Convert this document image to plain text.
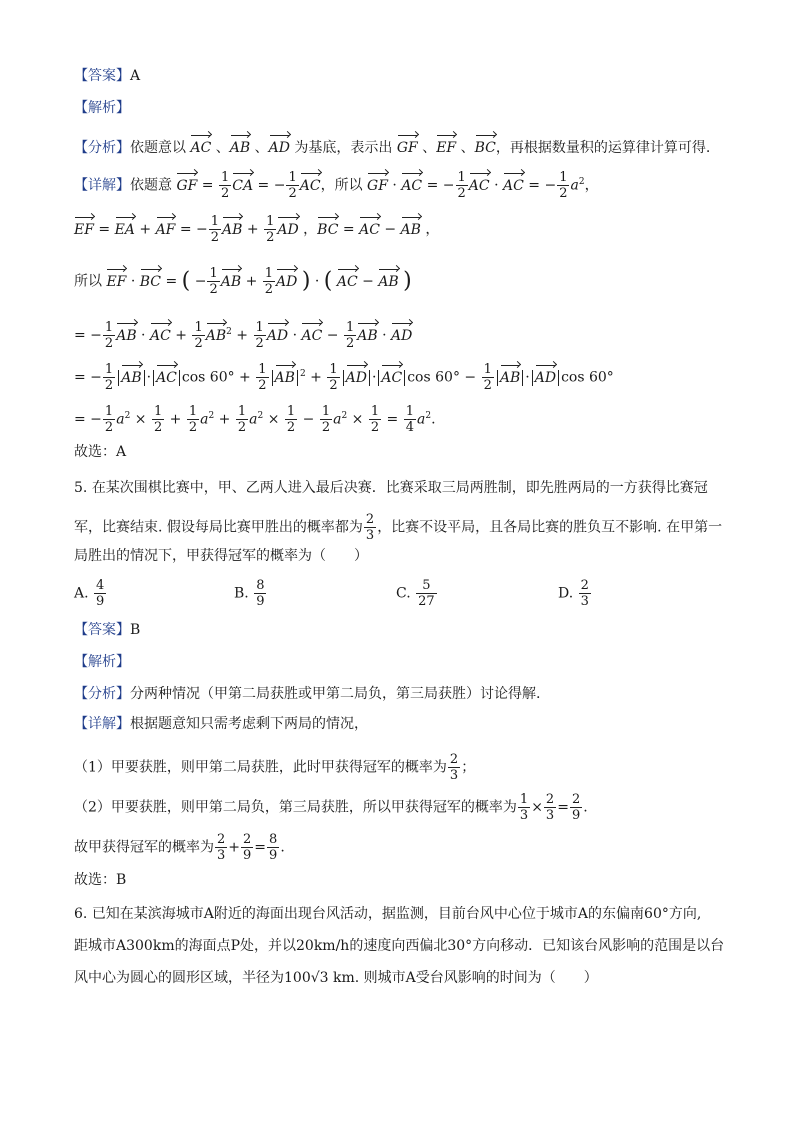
【答案】A
【解析】
【分析】依题意以 AC 、AB 、AD 为基底，表示出 GF 、EF 、BC，再根据数量积的运算律计算可得.
【详解】依题意 GF = $\frac{1}{2}$ CA = − $\frac{1}{2}$ AC，所以 GF · AC = − $\frac{1}{2}$ AC · AC = − $\frac{1}{2} a^2$，
EF = EA + AF = − $\frac{1}{2}$ AB + $\frac{1}{2}$ AD ，BC = AC − AB ，
所以 EF · BC = ( − $\frac{1}{2}$ AB + $\frac{1}{2}$ AD ) · ( AC − AB )
= − $\frac{1}{2}$ AB · AC + $\frac{1}{2} AB^2 + \frac{1}{2}$ AD · AC − $\frac{1}{2}$ AB · AD
= − $\frac{1}{2}$ AB · AC $\cos 60^\circ + \frac{1}{2}$ AB $^2 + \frac{1}{2}$ AD · AC $\cos 60^\circ - \frac{1}{2}$ AB · AD cos 60°
= − $\frac{1}{2} a^2 \times \frac{1}{2} + \frac{1}{2} a^2 + \frac{1}{2} a^2 \times \frac{1}{2} - \frac{1}{2} a^2 \times \frac{1}{2} = \frac{1}{4} a^2$.
故选：A
5. 在某次围棋比赛中，甲、乙两人进入最后决赛．比赛采取三局两胜制，即先胜两局的一方获得比赛冠
军，比赛结束. 假设每局比赛甲胜出的概率都为 $\frac{2}{3}$ ，比赛不设平局，且各局比赛的胜负互不影响. 在甲第一
局胜出的情况下，甲获得冠军的概率为（　　）
A. $\frac{4}{9}$	B. $\frac{8}{9}$	C. $\frac{5}{27}$	D. $\frac{2}{3}$
【答案】B
【解析】
【分析】分两种情况（甲第二局获胜或甲第二局负，第三局获胜）讨论得解.
【详解】根据题意知只需考虑剩下两局的情况，
（1）甲要获胜，则甲第二局获胜，此时甲获得冠军的概率为 $\frac{2}{3}$ ；
（2）甲要获胜，则甲第二局负，第三局获胜，所以甲获得冠军的概率为 $\frac{1}{3} \times \frac{2}{3} = \frac{2}{9}$ .
故甲获得冠军的概率为 $\frac{2}{3} + \frac{2}{9} = \frac{8}{9}$ .
故选：B
6. 已知在某滨海城市A附近的海面出现台风活动，据监测，目前台风中心位于城市A的东偏南60°方向,
距城市A300km的海面点P处，并以20km/h的速度向西偏北30°方向移动．已知该台风影响的范围是以台
风中心为圆心的圆形区域，半径为100√3 km. 则城市A受台风影响的时间为（　　）
